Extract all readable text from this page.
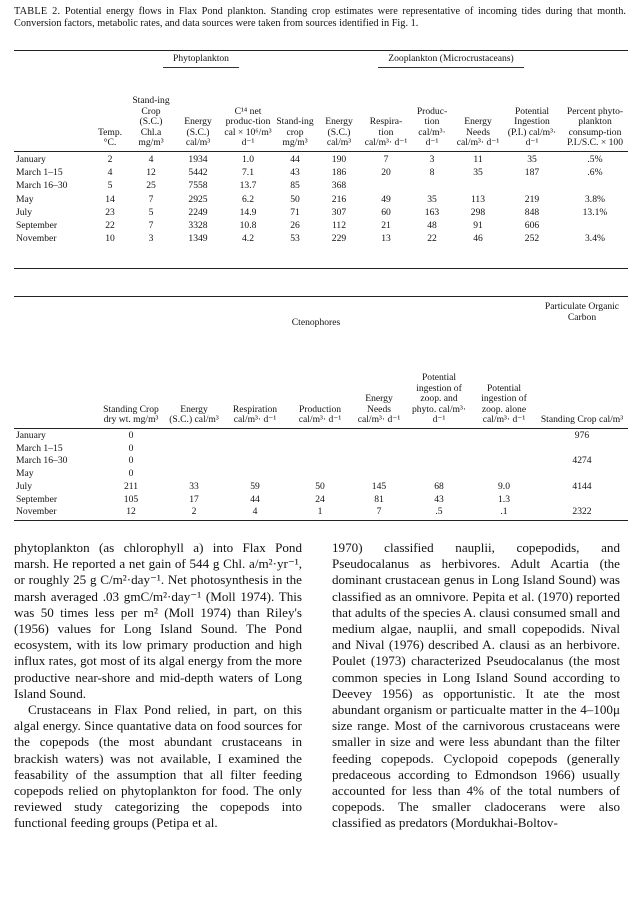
TABLE 2. Potential energy flows in Flax Pond plankton. Standing crop estimates were representative of incoming tides during that month. Conversion factors, metabolic rates, and data sources were taken from sources identified in Fig. 1.
		Phytoplankton			Zooplankton (Microcrustaceans)						
	Temp. °C.	Stand-ing Crop (S.C.) Chl.a mg/m³	Energy (S.C.) cal/m³	C¹⁴ net produc-tion cal × 10⁶/m³ d⁻¹	Stand-ing crop mg/m³	Energy (S.C.) cal/m³	Respira-tion cal/m³· d⁻¹	Produc-tion cal/m³· d⁻¹	Energy Needs cal/m³· d⁻¹	Potential Ingestion (P.I.) cal/m³· d⁻¹	Percent phyto-plankton consump-tion P.I./S.C. × 100
January	2	4	1934	1.0	44	190	7	3	11	35	.5%
March 1–15	4	12	5442	7.1	43	186	20	8	35	187	.6%
March 16–30	5	25	7558	13.7	85	368					
May	14	7	2925	6.2	50	216	49	35	113	219	3.8%
July	23	5	2249	14.9	71	307	60	163	298	848	13.1%
September	22	7	3328	10.8	26	112	21	48	91	606	
November	10	3	1349	4.2	53	229	13	22	46	252	3.4%
	Ctenophores							Particulate Organic Carbon
	Standing Crop dry wt. mg/m³	Energy (S.C.) cal/m³	Respiration cal/m³· d⁻¹	Production cal/m³· d⁻¹	Energy Needs cal/m³· d⁻¹	Potential ingestion of zoop. and phyto. cal/m³· d⁻¹	Potential ingestion of zoop. alone cal/m³· d⁻¹	Standing Crop cal/m³
January	0							976
March 1–15	0							
March 16–30	0							4274
May	0							
July	211	33	59	50	145	68	9.0	4144
September	105	17	44	24	81	43	1.3	
November	12	2	4	1	7	.5	.1	2322

phytoplankton (as chlorophyll a) into Flax Pond marsh. He reported a net gain of 544 g Chl. a/m²·yr⁻¹, or roughly 25 g C/m²·day⁻¹. Net photosynthesis in the marsh averaged .03 gmC/m²·day⁻¹ (Moll 1974). This was 50 times less per m² (Moll 1974) than Riley's (1956) values for Long Island Sound. The Pond ecosystem, with its low primary production and high influx rates, got most of its algal energy from the more productive near-shore and mid-depth waters of Long Island Sound.

Crustaceans in Flax Pond relied, in part, on this algal energy. Since quantative data on food sources for the copepods (the most abundant crustaceans in brackish waters) was not available, I examined the feasability of the assumption that all filter feeding copepods relied on phytoplankton for food. The only reviewed study categorizing the copepods into functional feeding groups (Petipa et al.

1970) classified nauplii, copepodids, and Pseudocalanus as herbivores. Adult Acartia (the dominant crustacean genus in Long Island Sound) was classified as an omnivore. Pepita et al. (1970) reported that adults of the species A. clausi consumed small and medium algae, nauplii, and small copepodids. Nival and Nival (1976) described A. clausi as an herbivore. Poulet (1973) characterized Pseudocalanus (the most common species in Long Island Sound according to Deevey 1956) as opportunistic. It ate the most abundant organism or particualte matter in the 4–100μ size range. Most of the carnivorous crustaceans were smaller in size and were less abundant than the filter feeding copepods. Cyclopoid copepods (generally predaceous according to Edmondson 1966) usually accounted for less than 4% of the total numbers of copepods. The smaller cladocerans were also classified as predators (Mordukhai-Boltov-
